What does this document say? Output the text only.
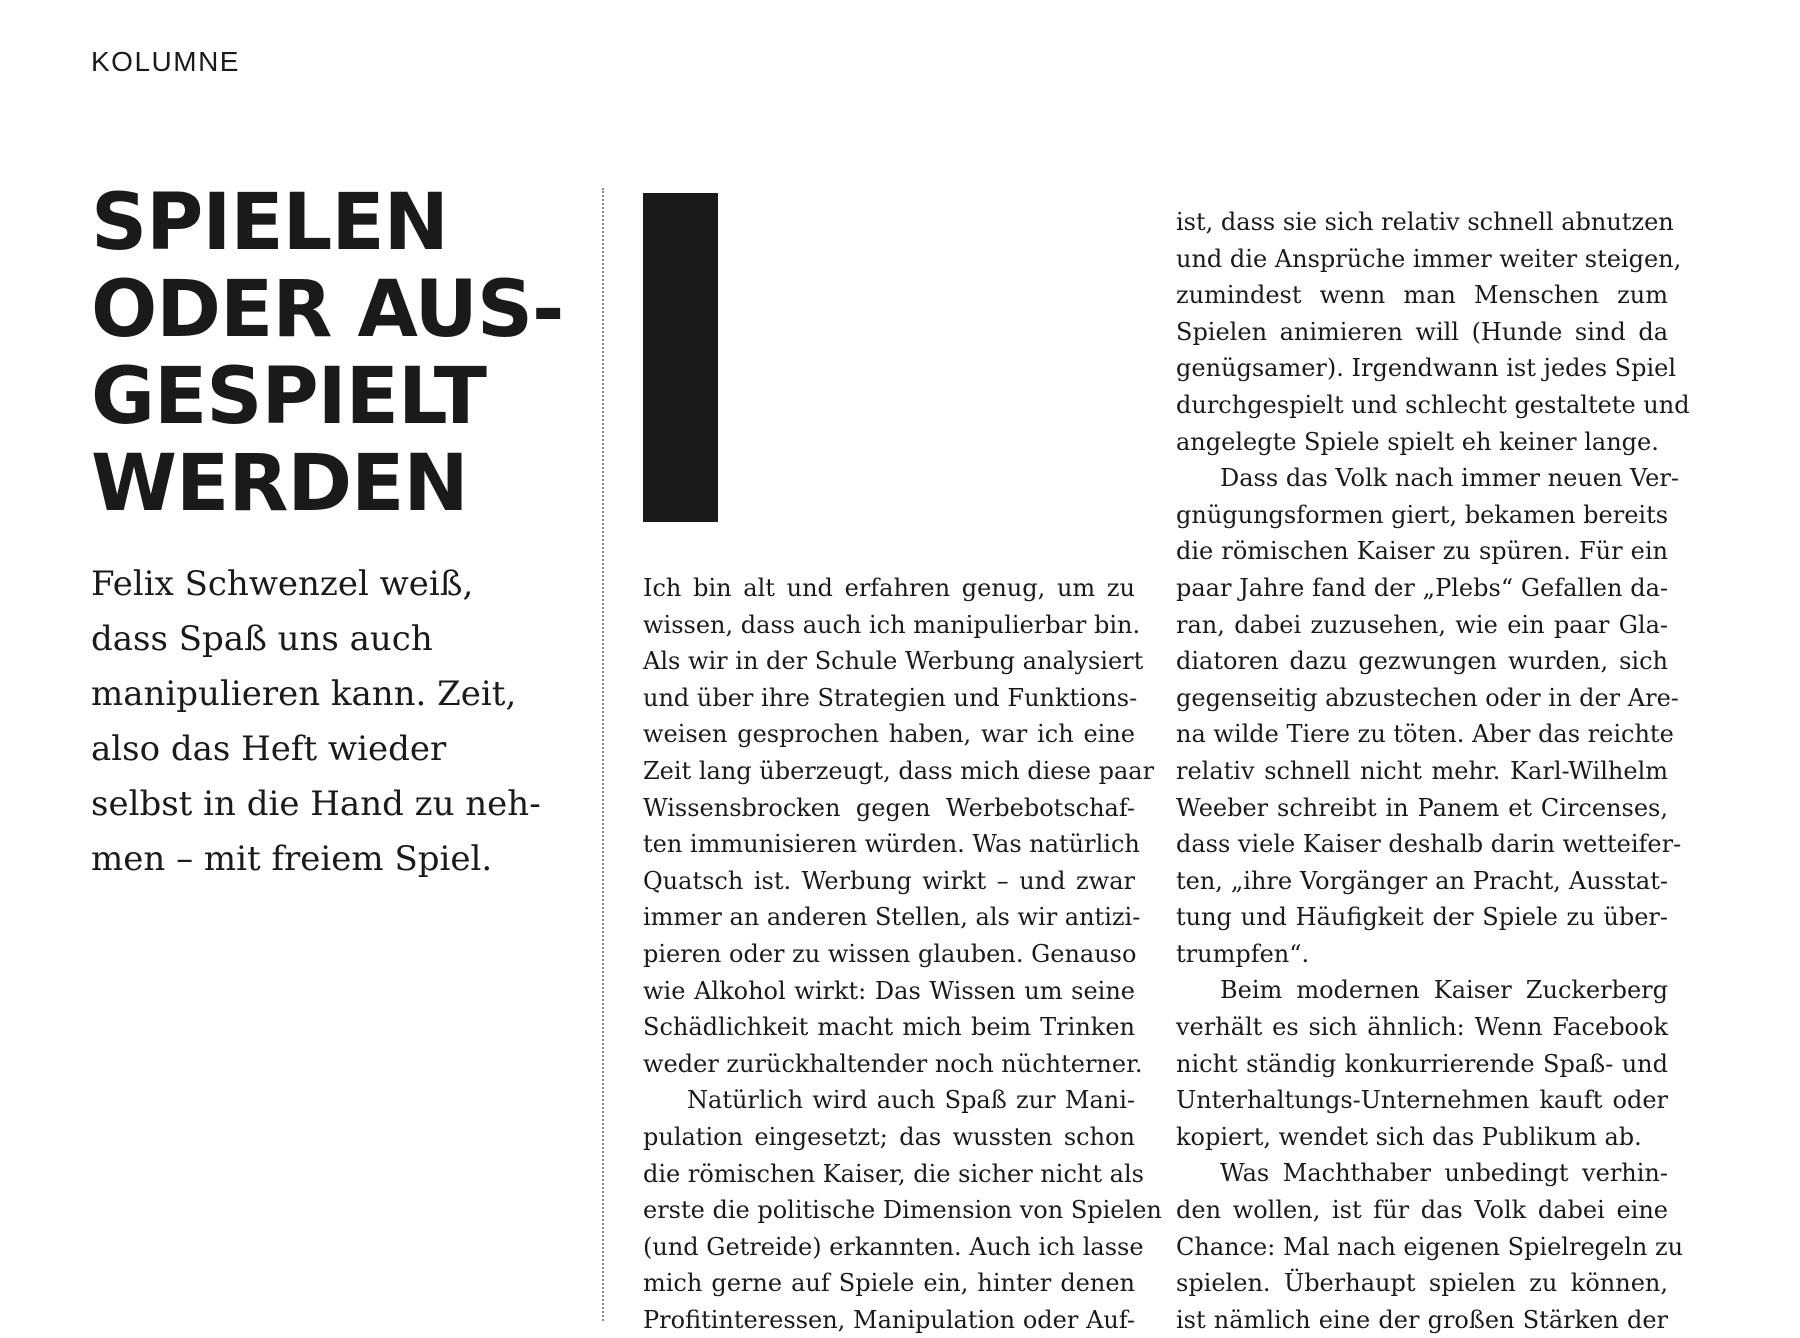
KOLUMNE
SPIELEN
ODER AUS-
GESPIELT
WERDEN

Felix Schwenzel weiß,
dass Spaß uns auch
manipulieren kann. Zeit,
also das Heft wieder
selbst in die Hand zu neh-
men – mit freiem Spiel.

Ich bin alt und erfahren genug, um zu
wissen, dass auch ich manipulierbar bin.
Als wir in der Schule Werbung analysiert
und über ihre Strategien und Funktions-
weisen gesprochen haben, war ich eine
Zeit lang überzeugt, dass mich diese paar
Wissensbrocken gegen Werbebotschaf-
ten immunisieren würden. Was natürlich
Quatsch ist. Werbung wirkt – und zwar
immer an anderen Stellen, als wir antizi-
pieren oder zu wissen glauben. Genauso
wie Alkohol wirkt: Das Wissen um seine
Schädlichkeit macht mich beim Trinken
weder zurückhaltender noch nüchterner.
Natürlich wird auch Spaß zur Mani-
pulation eingesetzt; das wussten schon
die römischen Kaiser, die sicher nicht als
erste die politische Dimension von Spielen
(und Getreide) erkannten. Auch ich lasse
mich gerne auf Spiele ein, hinter denen
Profitinteressen, Manipulation oder Auf-
ist, dass sie sich relativ schnell abnutzen
und die Ansprüche immer weiter steigen,
zumindest wenn man Menschen zum
Spielen animieren will (Hunde sind da
genügsamer). Irgendwann ist jedes Spiel
durchgespielt und schlecht gestaltete und
angelegte Spiele spielt eh keiner lange.
Dass das Volk nach immer neuen Ver-
gnügungsformen giert, bekamen bereits
die römischen Kaiser zu spüren. Für ein
paar Jahre fand der „Plebs“ Gefallen da-
ran, dabei zuzusehen, wie ein paar Gla-
diatoren dazu gezwungen wurden, sich
gegenseitig abzustechen oder in der Are-
na wilde Tiere zu töten. Aber das reichte
relativ schnell nicht mehr. Karl-Wilhelm
Weeber schreibt in Panem et Circenses,
dass viele Kaiser deshalb darin wetteifer-
ten, „ihre Vorgänger an Pracht, Ausstat-
tung und Häufigkeit der Spiele zu über-
trumpfen“.
Beim modernen Kaiser Zuckerberg
verhält es sich ähnlich: Wenn Facebook
nicht ständig konkurrierende Spaß- und
Unterhaltungs-Unternehmen kauft oder
kopiert, wendet sich das Publikum ab.
Was Machthaber unbedingt verhin-
den wollen, ist für das Volk dabei eine
Chance: Mal nach eigenen Spielregeln zu
spielen. Überhaupt spielen zu können,
ist nämlich eine der großen Stärken der
